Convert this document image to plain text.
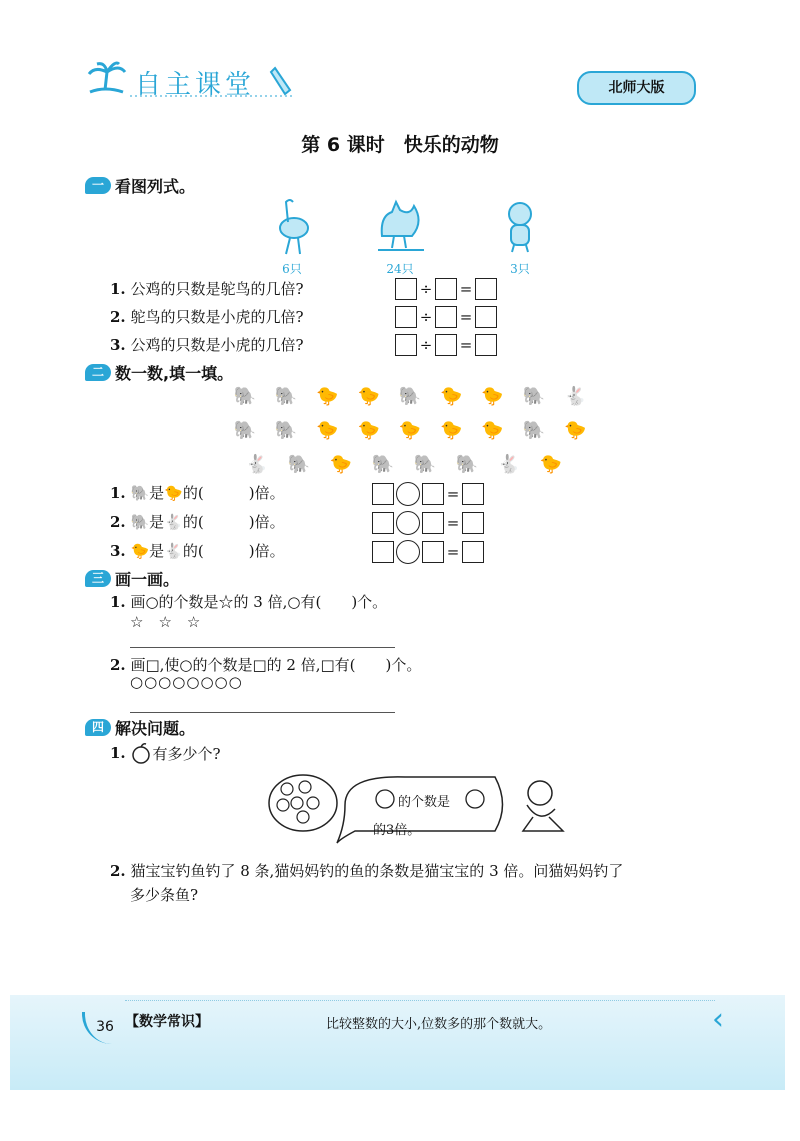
自主课堂	北师大版
第 6 课时　快乐的动物
一 看图列式。
6只	24只	3只
1. 公鸡的只数是鸵鸟的几倍?	÷ =
2. 鸵鸟的只数是小虎的几倍?	÷ =
3. 公鸡的只数是小虎的几倍?	÷ =
二 数一数,填一填。
🐘 🐘 🐤 🐤 🐘 🐤 🐤 🐘 🐇
🐘 🐘 🐤 🐤 🐤 🐤 🐤 🐘 🐤
🐇 🐘 🐤 🐘 🐘 🐘 🐇 🐤
1. 🐘是🐤的(　　　	)倍。	=
2. 🐘是🐇的(　　　	)倍。	=
3. 🐤是🐇的(　　　	)倍。	=
三 画一画。
1. 画○的个数是☆的 3 倍,○有(　　)个。
☆　☆　☆
2. 画□,使○的个数是□的 2 倍,□有(　　)个。
○○○○○○○○
四 解决问题。
1.
有多少个?
的个数是
的3倍。
2. 猫宝宝钓鱼钓了 8 条,猫妈妈钓的鱼的条数是猫宝宝的 3 倍。问猫妈妈钓了
多少条鱼?
36 【数学常识】	比较整数的大小,位数多的那个数就大。	‹
